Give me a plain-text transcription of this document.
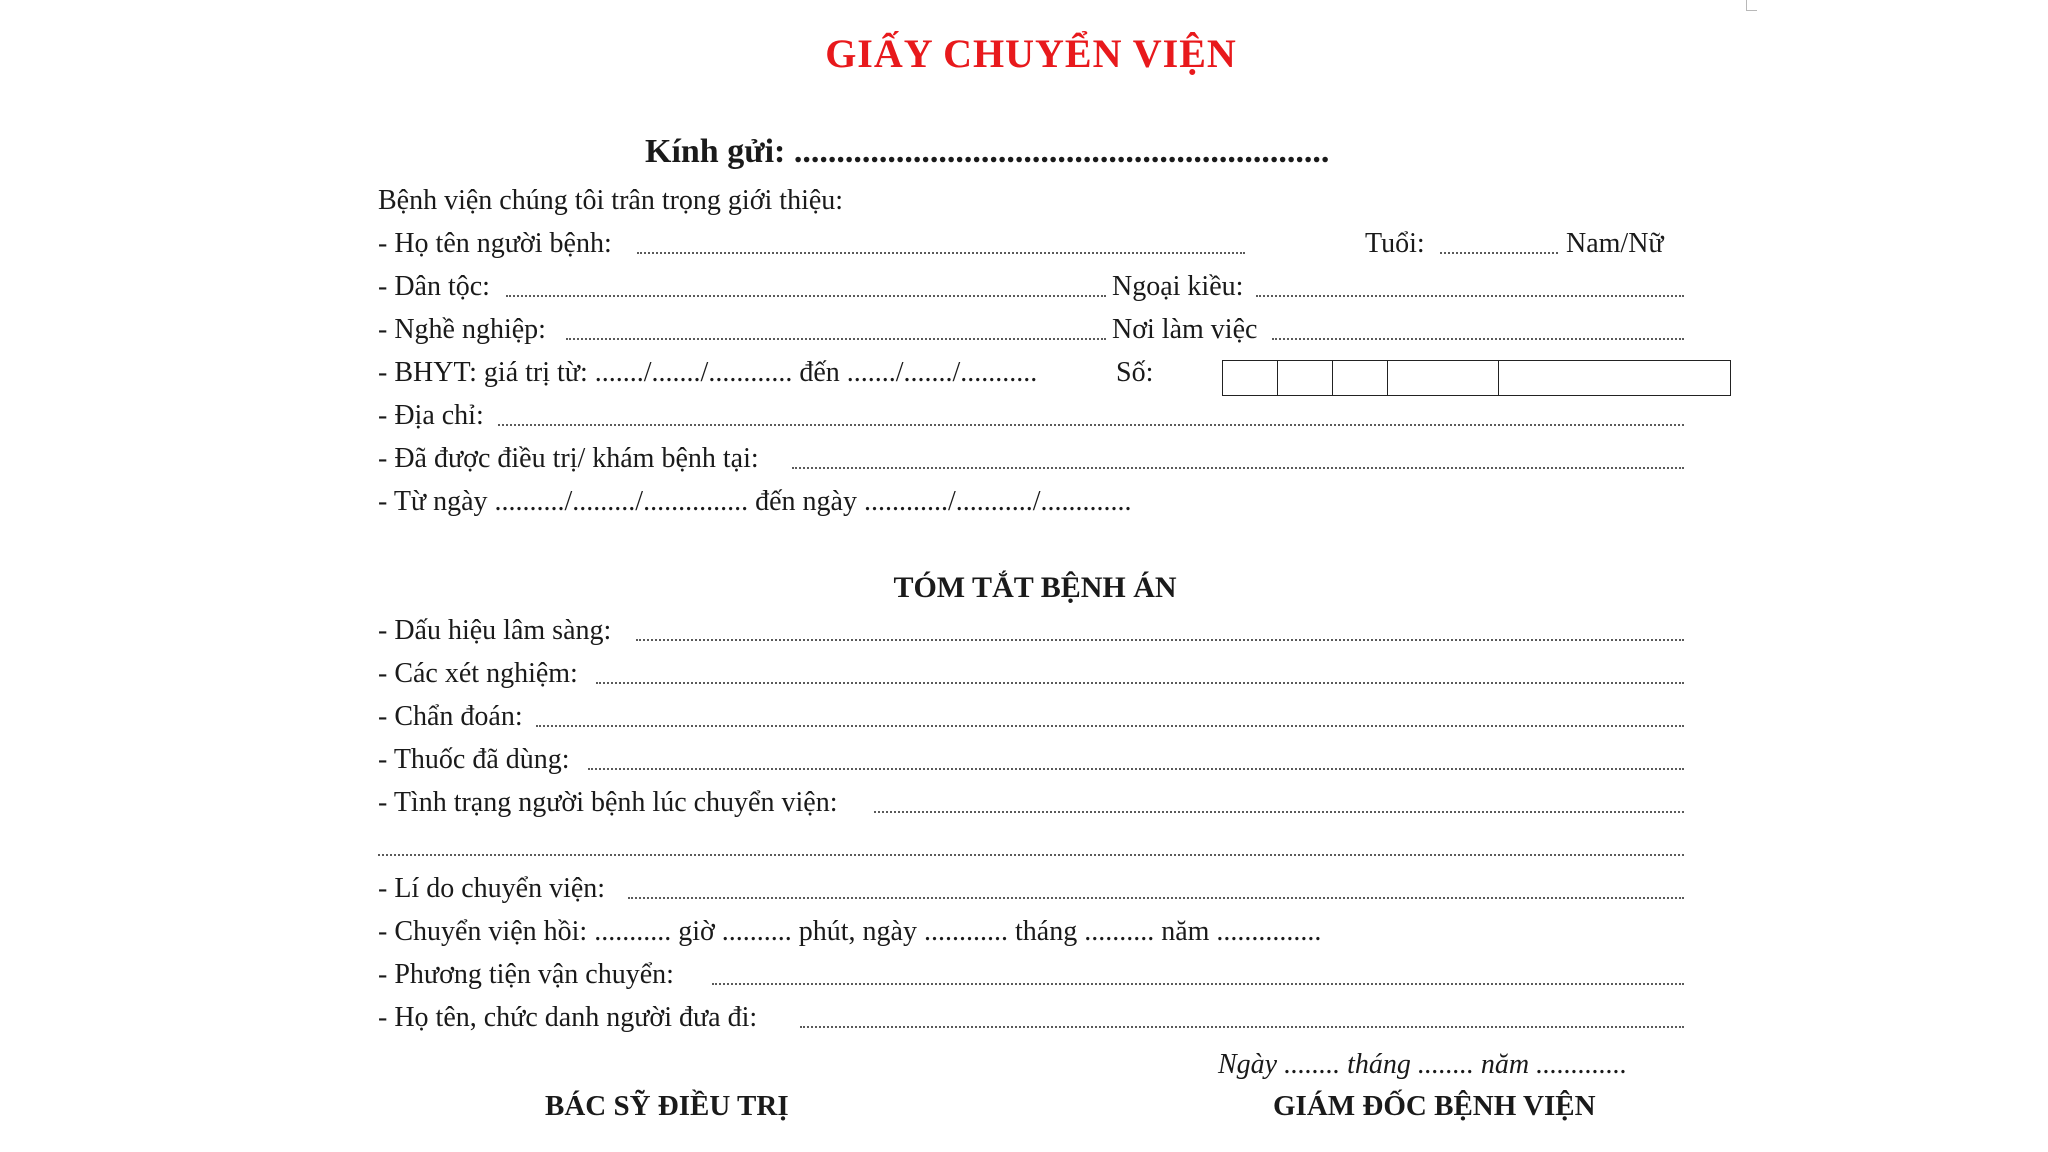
GIẤY CHUYỂN VIỆN
Kính gửi: ...............................................................
Bệnh viện chúng tôi trân trọng giới thiệu:
- Họ tên người bệnh:	Tuổi:	Nam/Nữ
- Dân tộc:	Ngoại kiều:
- Nghề nghiệp:	Nơi làm việc
- BHYT: giá trị từ: ......./......./............ đến ......./......./...........	Số:
- Địa chỉ:
- Đã được điều trị/ khám bệnh tại:
- Từ ngày ........../........./............... đến ngày ............/.........../.............
TÓM TẮT BỆNH ÁN
- Dấu hiệu lâm sàng:
- Các xét nghiệm:
- Chẩn đoán:
- Thuốc đã dùng:
- Tình trạng người bệnh lúc chuyển viện:
- Lí do chuyển viện:
- Chuyển viện hồi: ........... giờ .......... phút, ngày ............ tháng .......... năm ...............
- Phương tiện vận chuyển:
- Họ tên, chức danh người đưa đi:
Ngày ........ tháng ........ năm .............
BÁC SỸ ĐIỀU TRỊ	GIÁM ĐỐC BỆNH VIỆN
